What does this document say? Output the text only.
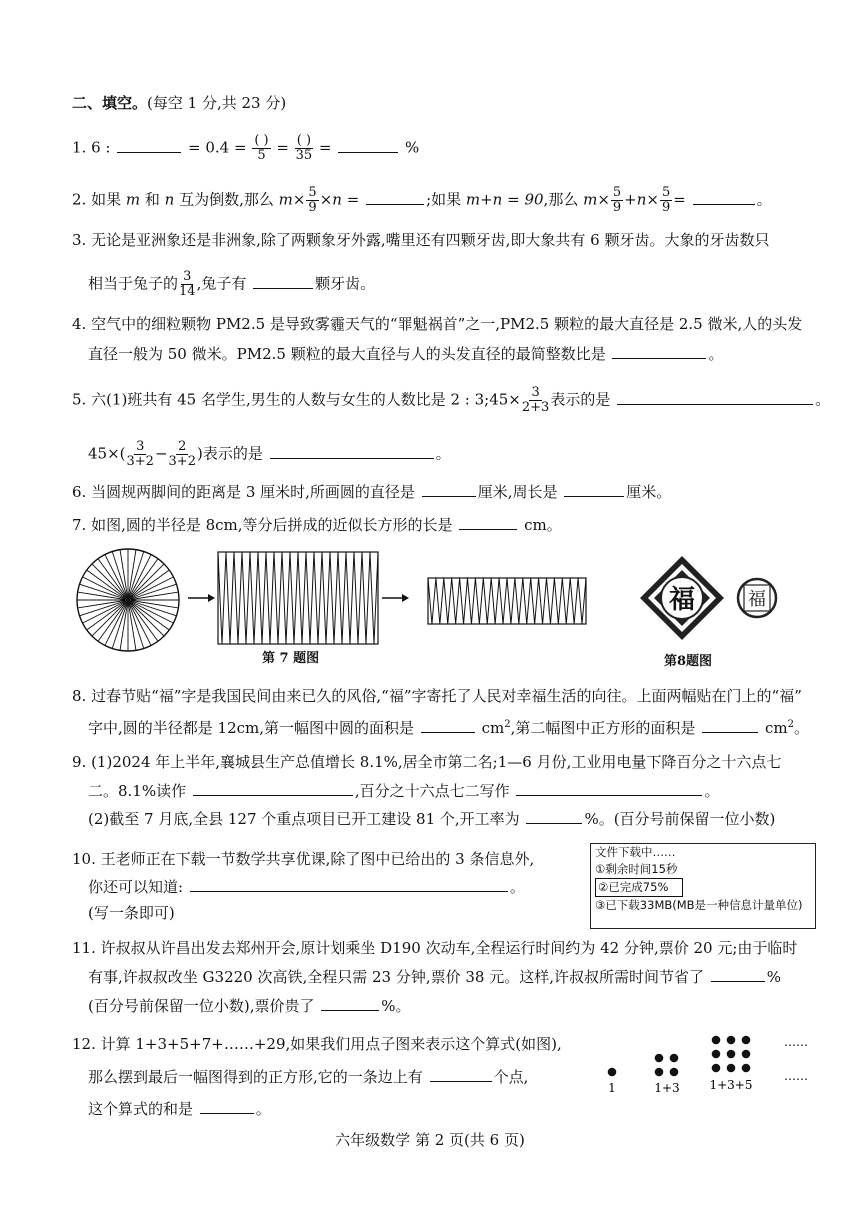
二、填空。(每空 1 分,共 23 分)
1. 6 :	= $0.4 = \frac{( )}{5} = \frac{( )}{35}$ =	%
2. 如果 m 和 n 互为倒数,那么 $m\times \frac{5}{9} \times n$ =	;如果 m+n = 90,那么 $m\times \frac{5}{9} +n\times \frac{5}{9}$ =	。
3. 无论是亚洲象还是非洲象,除了两颗象牙外露,嘴里还有四颗牙齿,即大象共有 6 颗牙齿。大象的牙齿数只
相当于兔子的 $\frac{3}{14}$ ,兔子有	颗牙齿。
4. 空气中的细粒颗物 PM2.5 是导致雾霾天气的“罪魁祸首”之一,PM2.5 颗粒的最大直径是 2.5 微米,人的头发
直径一般为 50 微米。PM2.5 颗粒的最大直径与人的头发直径的最简整数比是	。
5. 六(1)班共有 45 名学生,男生的人数与女生的人数比是 2 : 3;45× $\frac{3}{2+3}$ 表示的是	。
$45\times( \frac{3}{3+2} - \frac{2}{3+2}$ )表示的是	。
6. 当圆规两脚间的距离是 3 厘米时,所画圆的直径是	厘米,周长是	厘米。
7. 如图,圆的半径是 8cm,等分后拼成的近似长方形的长是	cm。
福	福
第 7 题图	第8题图
8. 过春节贴“福”字是我国民间由来已久的风俗,“福”字寄托了人民对幸福生活的向往。上面两幅贴在门上的“福”
字中,圆的半径都是 12cm,第一幅图中圆的面积是	$cm^2$,第二幅图中正方形的面积是	$cm^2$。
9. (1)2024 年上半年,襄城县生产总值增长 8.1%,居全市第二名;1—6 月份,工业用电量下降百分之十六点七
二。8.1%读作	,百分之十六点七二写作	。
(2)截至 7 月底,全县 127 个重点项目已开工建设 81 个,开工率为	%。(百分号前保留一位小数)
10. 王老师正在下载一节数学共享优课,除了图中已给出的 3 条信息外,
你还可以知道:	。
(写一条即可)
文件下载中……
①剩余时间15秒
②已完成75%
③已下载33MB(MB是一种信息计量单位)
11. 许叔叔从许昌出发去郑州开会,原计划乘坐 D190 次动车,全程运行时间约为 42 分钟,票价 20 元;由于临时
有事,许叔叔改坐 G3220 次高铁,全程只需 23 分钟,票价 38 元。这样,许叔叔所需时间节省了	%
(百分号前保留一位小数),票价贵了	%。
12. 计算 1+3+5+7+……+29,如果我们用点子图来表示这个算式(如图),
那么摆到最后一幅图得到的正方形,它的一条边上有	个点,
这个算式的和是	。
1	1+3 1+3+5
……
……
六年级数学 第 2 页(共 6 页)
